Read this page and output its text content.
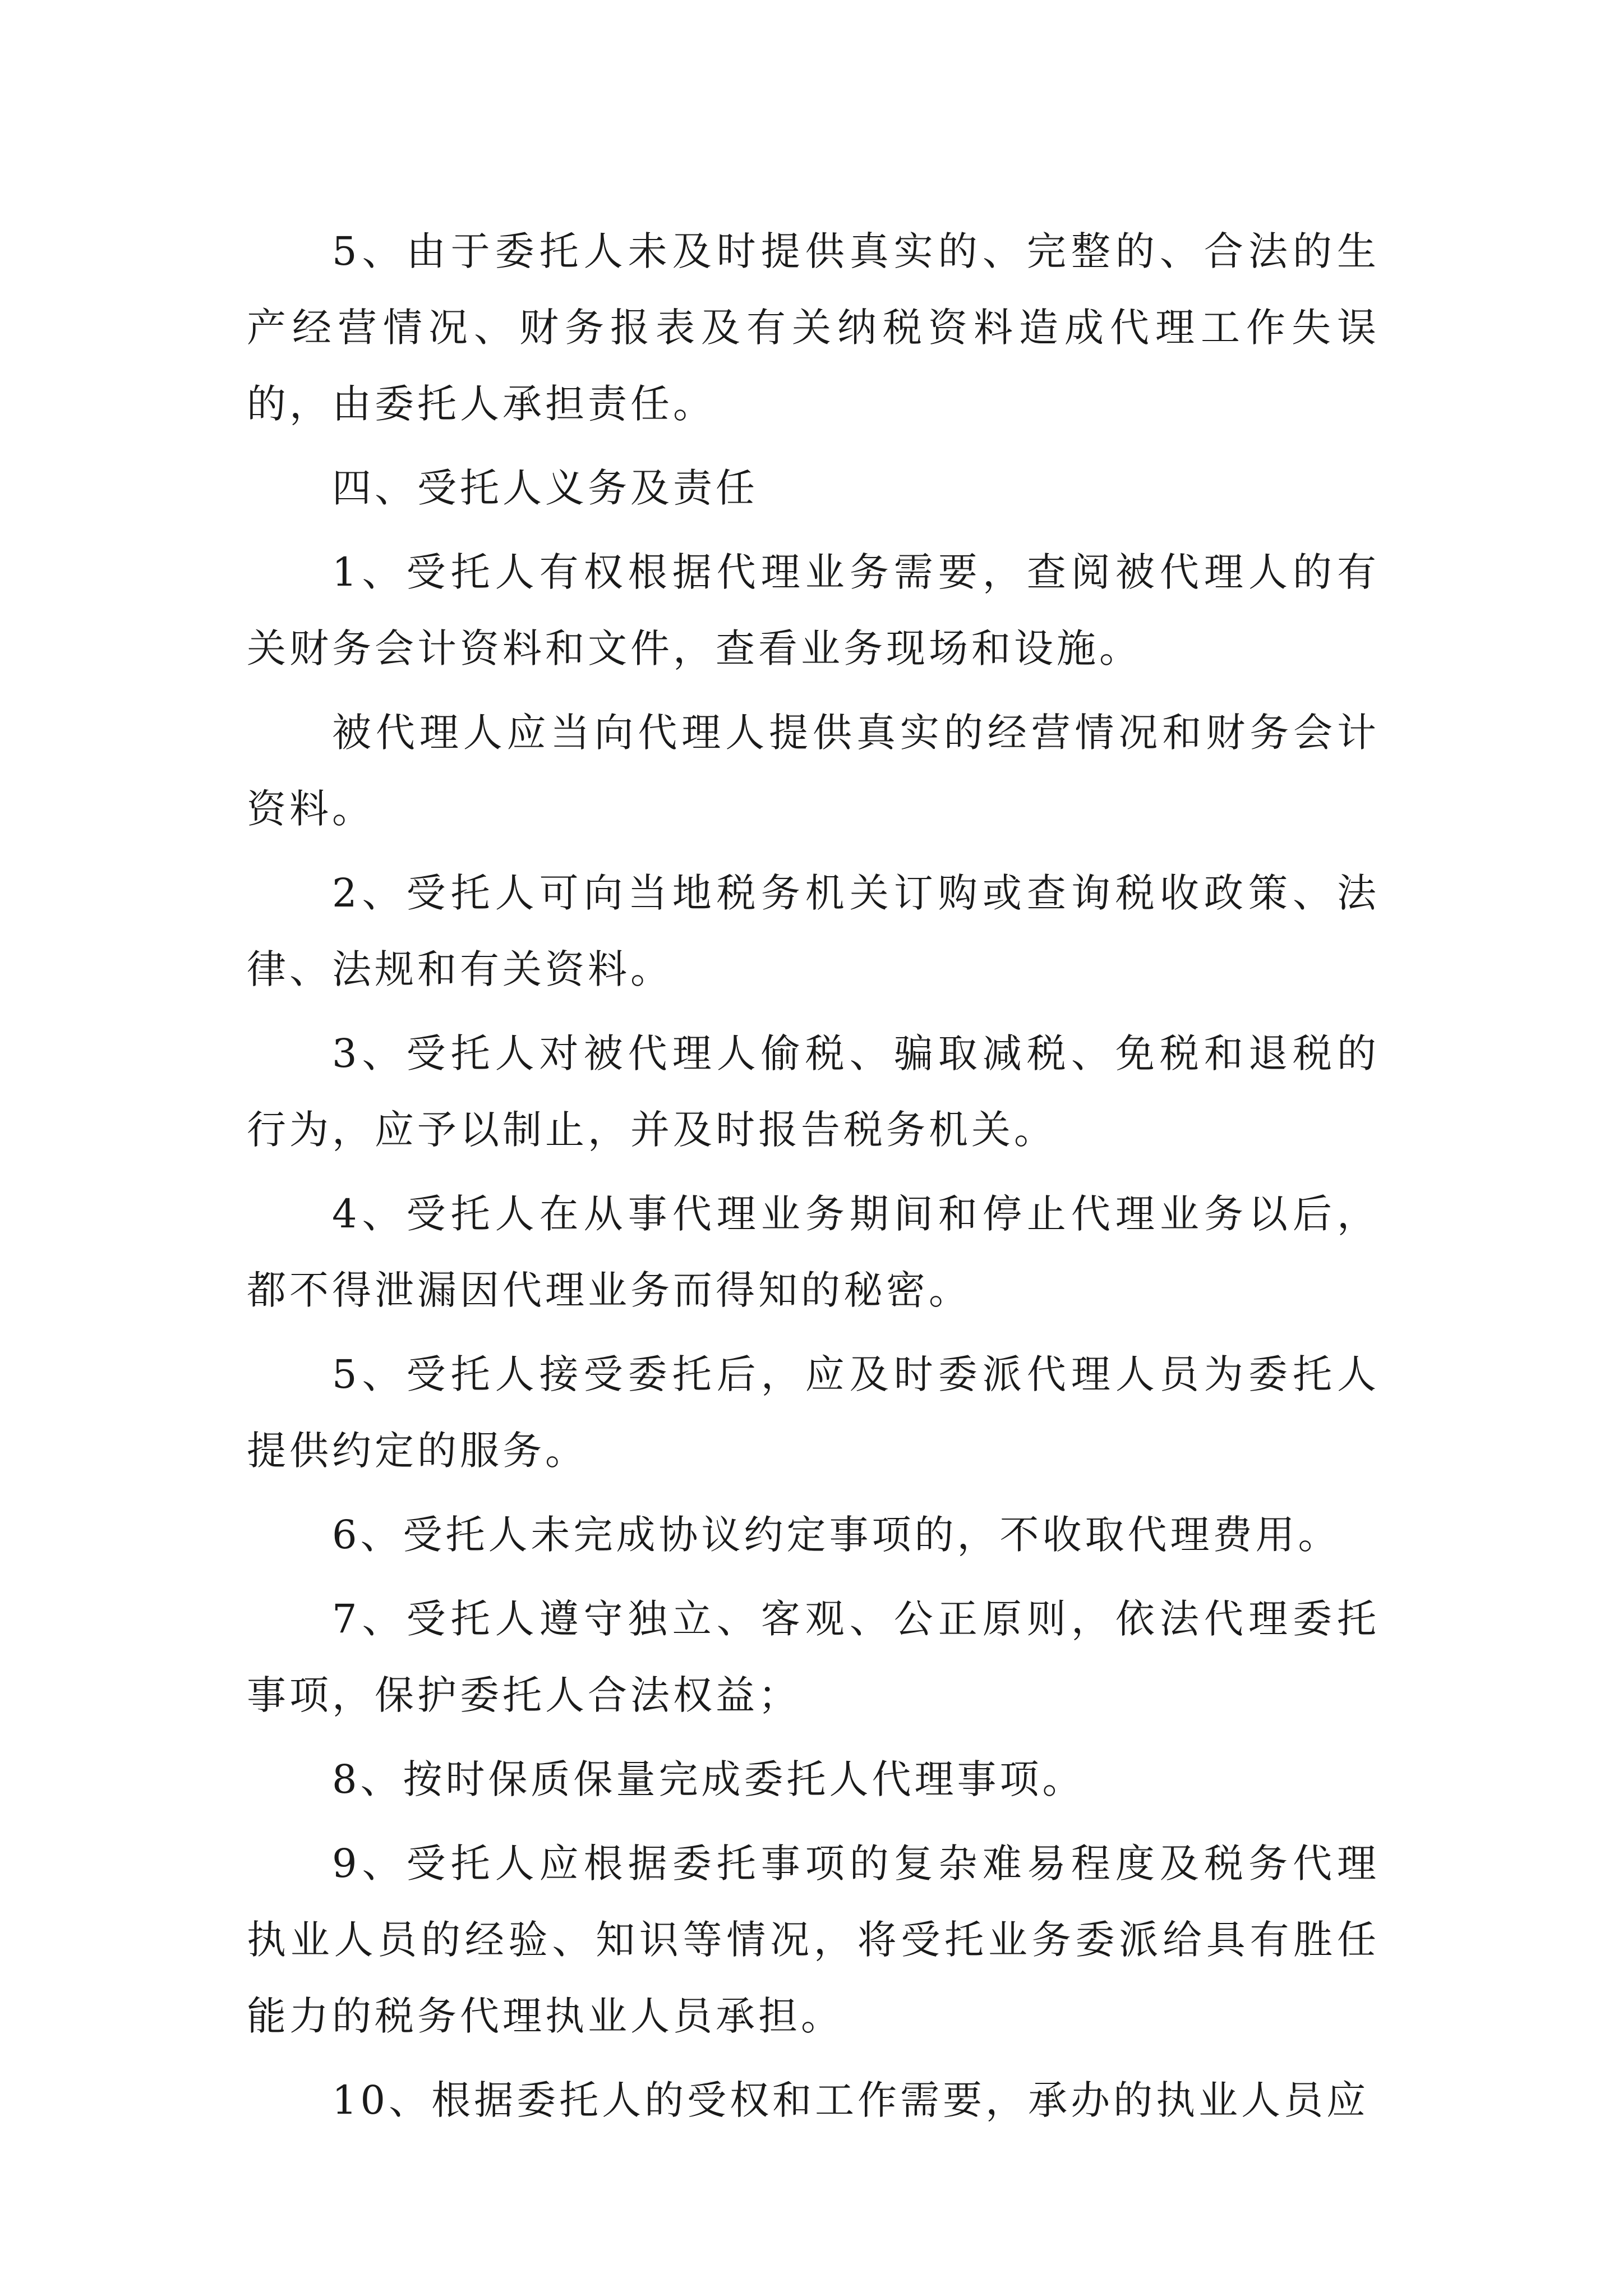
5、由于委托人未及时提供真实的、完整的、合法的生产经营情况、财务报表及有关纳税资料造成代理工作失误的，由委托人承担责任。

四、受托人义务及责任

1、受托人有权根据代理业务需要，查阅被代理人的有关财务会计资料和文件，查看业务现场和设施。

被代理人应当向代理人提供真实的经营情况和财务会计资料。

2、受托人可向当地税务机关订购或查询税收政策、法律、法规和有关资料。

3、受托人对被代理人偷税、骗取减税、免税和退税的行为，应予以制止，并及时报告税务机关。

4、受托人在从事代理业务期间和停止代理业务以后，都不得泄漏因代理业务而得知的秘密。

5、受托人接受委托后，应及时委派代理人员为委托人提供约定的服务。

6、受托人未完成协议约定事项的，不收取代理费用。

7、受托人遵守独立、客观、公正原则，依法代理委托事项，保护委托人合法权益；

8、按时保质保量完成委托人代理事项。

9、受托人应根据委托事项的复杂难易程度及税务代理执业人员的经验、知识等情况，将受托业务委派给具有胜任能力的税务代理执业人员承担。

10、根据委托人的受权和工作需要，承办的执业人员应
